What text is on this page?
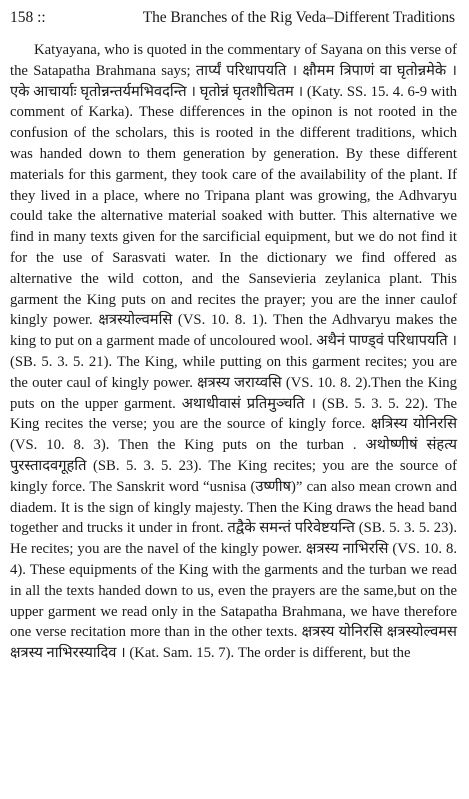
158 ::	The Branches of the Rig Veda–Different Traditions

Katyayana, who is quoted in the commentary of Sayana on this verse of the Satapatha Brahmana says; तार्प्यं परिधापयति । क्षौमम त्रिपाणं वा घृतोन्नमेके । एके आचार्याः घृतोन्नन्तर्यमभिवदन्ति । घृतोन्नं घृतशौचितम । (Katy. SS. 15. 4. 6-9 with comment of Karka). These differences in the opinon is not rooted in the confusion of the scholars, this is rooted in the different traditions, which was handed down to them generation by generation. By these different materials for this garment, they took care of the availability of the plant. If they lived in a place, where no Tripana plant was growing, the Adhvaryu could take the alternative material soaked with butter. This alternative we find in many texts given for the sarcificial equipment, but we do not find it for the use of Sarasvati water. In the dictionary we find offered as alternative the wild cotton, and the Sansevieria zeylanica plant. This garment the King puts on and recites the prayer; you are the inner caulof kingly power. क्षत्रस्योल्वमसि (VS. 10. 8. 1). Then the Adhvaryu makes the king to put on a garment made of uncoloured wool. अथैनं पाण्ड्वं परिधापयति । (SB. 5. 3. 5. 21). The King, while putting on this garment recites; you are the outer caul of kingly power. क्षत्रस्य जराय्वसि (VS. 10. 8. 2).Then the King puts on the upper garment. अथाधीवासं प्रतिमुञ्चति । (SB. 5. 3. 5. 22). The King recites the verse; you are the source of kingly force. क्षत्रिस्य योनिरसि (VS. 10. 8. 3). Then the King puts on the turban . अथोष्णीषं संहत्य पुरस्तादवगूहति (SB. 5. 3. 5. 23). The King recites; you are the source of kingly force. The Sanskrit word “usnisa (उष्णीष)” can also mean crown and diadem. It is the sign of kingly majesty. Then the King draws the head band together and trucks it under in front. तद्वैके समन्तं परिवेष्टयन्ति (SB. 5. 3. 5. 23). He recites; you are the navel of the kingly power. क्षत्रस्य नाभिरसि (VS. 10. 8. 4). These equipments of the King with the garments and the turban we read in all the texts handed down to us, even the prayers are the same,but on the upper garment we read only in the Satapatha Brahmana, we have therefore one verse recitation more than in the other texts. क्षत्रस्य योनिरसि क्षत्रस्योल्वमस क्षत्रस्य नाभिरस्यादिव । (Kat. Sam. 15. 7). The order is different, but the
